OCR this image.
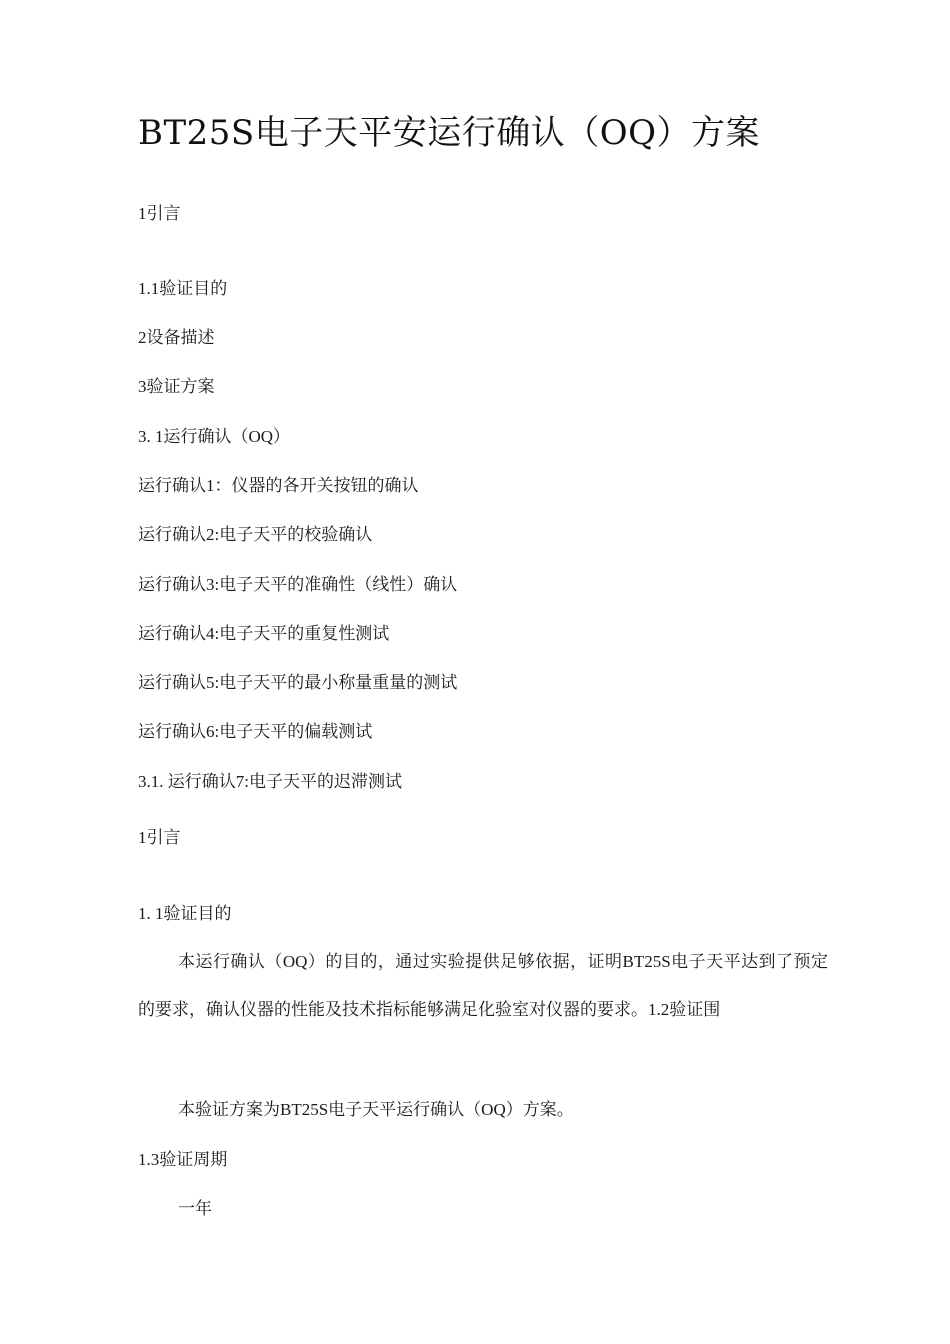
BT25S电子天平安运行确认（OQ）方案
1引言
1.1验证目的
2设备描述
3验证方案
3. 1运行确认（OQ）
运行确认1：仪器的各开关按钮的确认
运行确认2:电子天平的校验确认
运行确认3:电子天平的准确性（线性）确认
运行确认4:电子天平的重复性测试
运行确认5:电子天平的最小称量重量的测试
运行确认6:电子天平的偏载测试
3.1. 运行确认7:电子天平的迟滞测试
1引言
1. 1验证目的

本运行确认（OQ）的目的，通过实验提供足够依据，证明BT25S电子天平达到了预定的要求，确认仪器的性能及技术指标能够满足化验室对仪器的要求。1.2验证围

本验证方案为BT25S电子天平运行确认（OQ）方案。

1.3验证周期
一年
